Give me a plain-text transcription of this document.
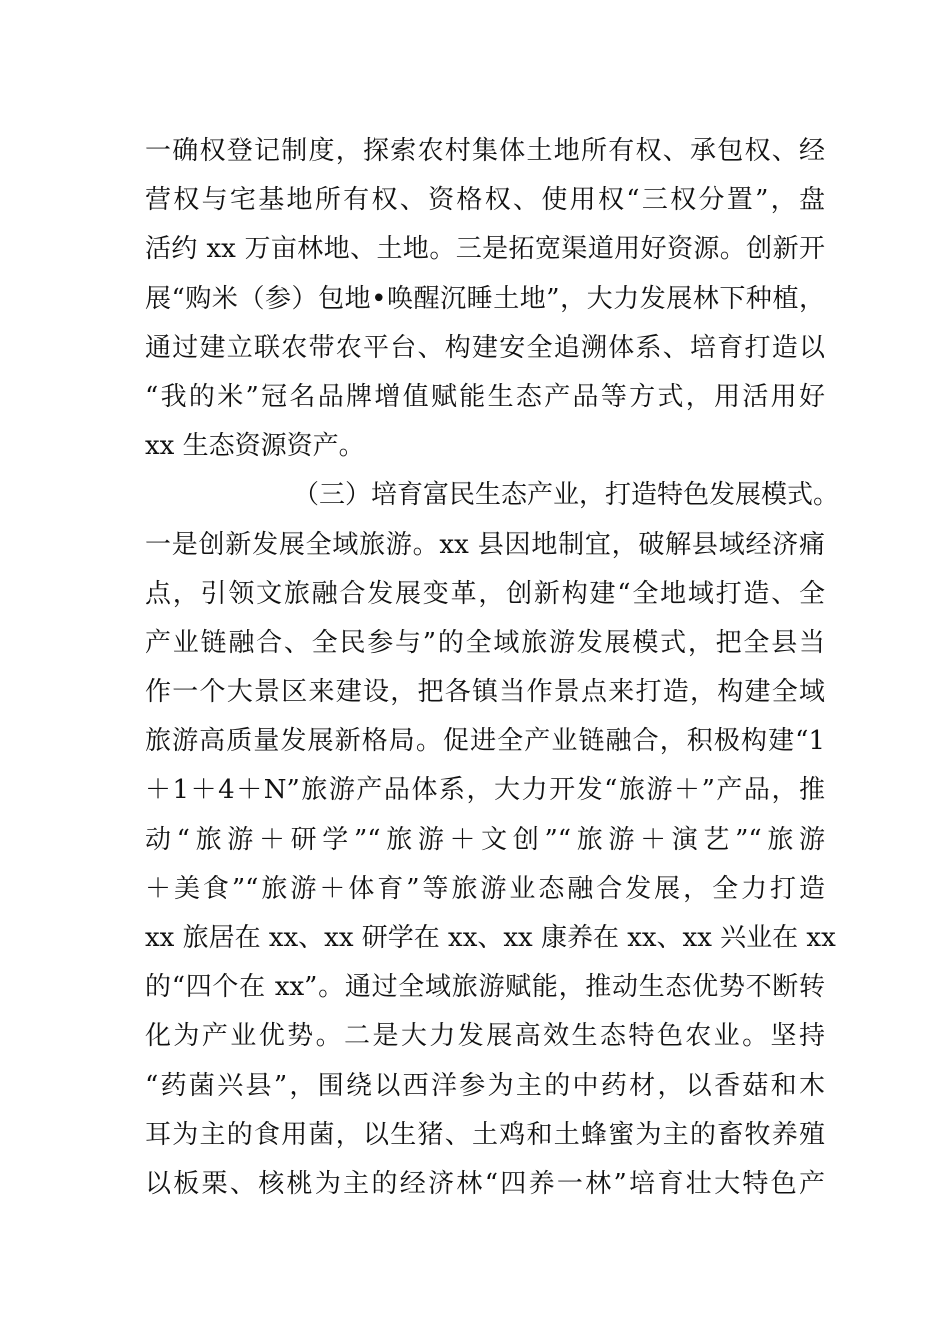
一确权登记制度，探索农村集体土地所有权、承包权、经
营权与宅基地所有权、资格权、使用权“三权分置”，盘
活约 xx 万亩林地、土地。三是拓宽渠道用好资源。创新开
展“购米（参）包地•唤醒沉睡土地”，大力发展林下种植，
通过建立联农带农平台、构建安全追溯体系、培育打造以
“我的米”冠名品牌增值赋能生态产品等方式，用活用好
xx 生态资源资产。
（三）培育富民生态产业，打造特色发展模式。
一是创新发展全域旅游。xx 县因地制宜，破解县域经济痛
点，引领文旅融合发展变革，创新构建“全地域打造、全
产业链融合、全民参与”的全域旅游发展模式，把全县当
作一个大景区来建设，把各镇当作景点来打造，构建全域
旅游高质量发展新格局。促进全产业链融合，积极构建“1
＋1＋4＋N”旅游产品体系，大力开发“旅游＋”产品，推
动“旅游＋研学”“旅游＋文创”“旅游＋演艺”“旅游
＋美食”“旅游＋体育”等旅游业态融合发展，全力打造
xx 旅居在 xx、xx 研学在 xx、xx 康养在 xx、xx 兴业在 xx
的“四个在 xx”。通过全域旅游赋能，推动生态优势不断转
化为产业优势。二是大力发展高效生态特色农业。坚持
“药菌兴县”，围绕以西洋参为主的中药材，以香菇和木
耳为主的食用菌，以生猪、土鸡和土蜂蜜为主的畜牧养殖
以板栗、核桃为主的经济林“四养一林”培育壮大特色产
